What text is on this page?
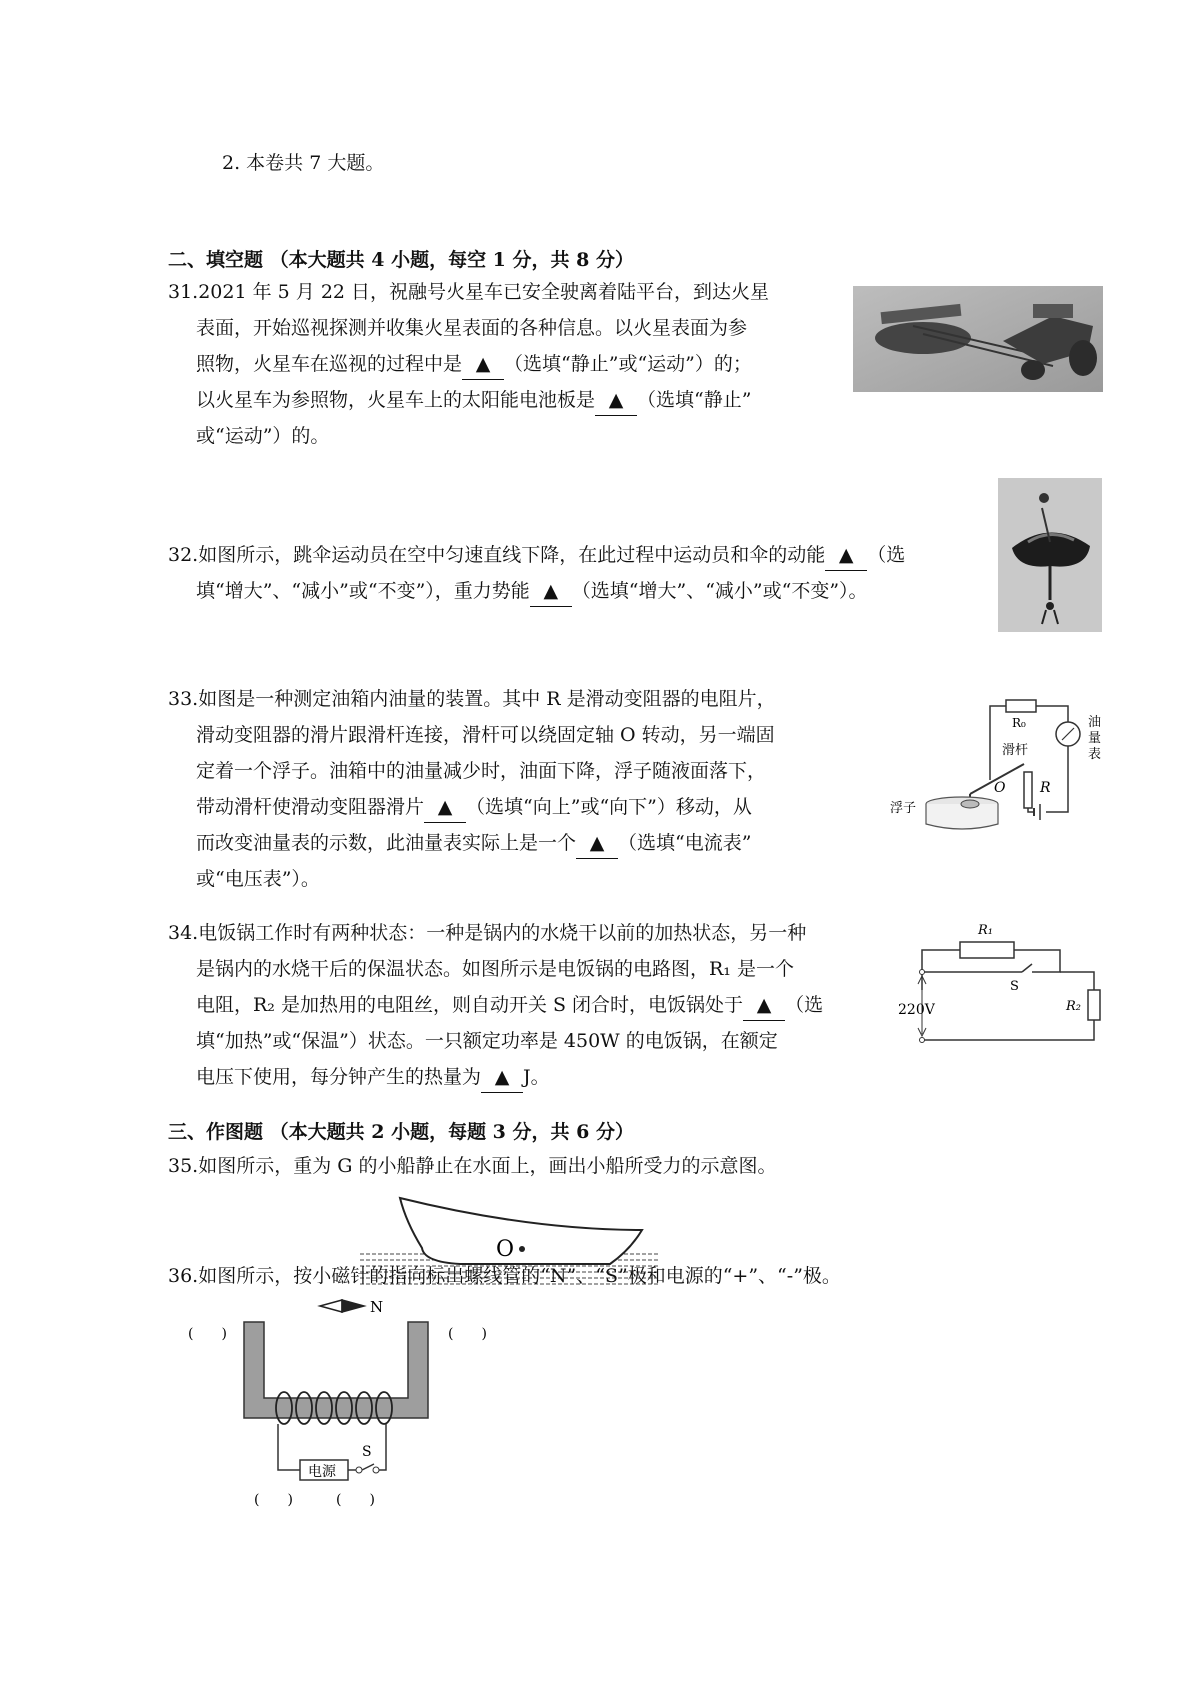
2. 本卷共 7 大题。
二、填空题 （本大题共 4 小题，每空 1 分，共 8 分）
31.2021 年 5 月 22 日，祝融号火星车已安全驶离着陆平台，到达火星
表面，开始巡视探测并收集火星表面的各种信息。以火星表面为参
照物，火星车在巡视的过程中是 ▲ （选填“静止”或“运动”）的；
以火星车为参照物，火星车上的太阳能电池板是 ▲ （选填“静止”
或“运动”）的。
32.如图所示，跳伞运动员在空中匀速直线下降，在此过程中运动员和伞的动能 ▲ （选
填“增大”、“减小”或“不变”），重力势能 ▲ （选填“增大”、“减小”或“不变”）。
33.如图是一种测定油箱内油量的装置。其中 R 是滑动变阻器的电阻片，
滑动变阻器的滑片跟滑杆连接，滑杆可以绕固定轴 O 转动，另一端固
定着一个浮子。油箱中的油量减少时，油面下降，浮子随液面落下，
带动滑杆使滑动变阻器滑片 ▲ （选填“向上”或“向下”）移动，从
而改变油量表的示数，此油量表实际上是一个 ▲ （选填“电流表”
或“电压表”）。
R₀	油
量
表
R
滑杆
O
浮子
34.电饭锅工作时有两种状态：一种是锅内的水烧干以前的加热状态，另一种
是锅内的水烧干后的保温状态。如图所示是电饭锅的电路图，R₁ 是一个
电阻，R₂ 是加热用的电阻丝，则自动开关 S 闭合时，电饭锅处于 ▲ （选
填“加热”或“保温”）状态。一只额定功率是 450W 的电饭锅，在额定
电压下使用，每分钟产生的热量为 ▲ J。
R₁
S
R₂
220V
三、作图题 （本大题共 2 小题，每题 3 分，共 6 分）
35.如图所示，重为 G 的小船静止在水面上，画出小船所受力的示意图。
O
36.如图所示，按小磁针的指向标出螺线管的“N”、“S”极和电源的“+”、“-”极。
N
(　　)	(　　)
电源
S
(　　)	(　　)
